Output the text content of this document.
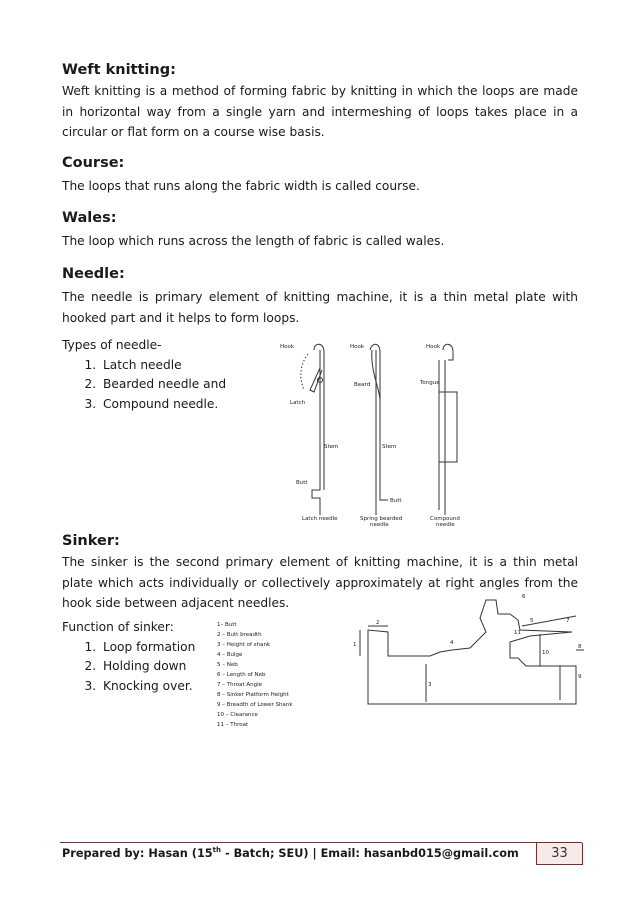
Weft knitting:

Weft knitting is a method of forming fabric by knitting in which the loops are made in horizontal way from a single yarn and intermeshing of loops takes place in a circular or flat form on a course wise basis.

Course:

The loops that runs along the fabric width is called course.

Wales:

The loop which runs across the length of fabric is called wales.

Needle:

The needle is primary element of knitting machine, it is a thin metal plate with hooked part and it helps to form loops.

Types of needle-
1. Latch needle
2. Bearded needle and
3. Compound needle.
Hook
Latch
Stem
Butt
Latch needle
Hook
Beard
Stem
Butt
Spring bearded
needle
Hook
Tongue
Compound
needle
Sinker:

The sinker is the second primary element of knitting machine, it is a thin metal plate which acts individually or collectively approximately at right angles from the hook side between adjacent needles.

Function of sinker:
1. Loop formation
2. Holding down
3. Knocking over.
1– Butt
2 – Butt breadth
3 – Height of shank
4 – Bulge
5 – Neb
6 – Length of Neb
7 – Throat Angle
8 – Sinker Platform Height
9 – Breadth of Lower Shank
10 – Clearance
11 – Throat
1
2
3
4
5
6
7
8
9
10
11
Prepared by: Hasan (15th - Batch; SEU) | Email: hasanbd015@gmail.com	33
